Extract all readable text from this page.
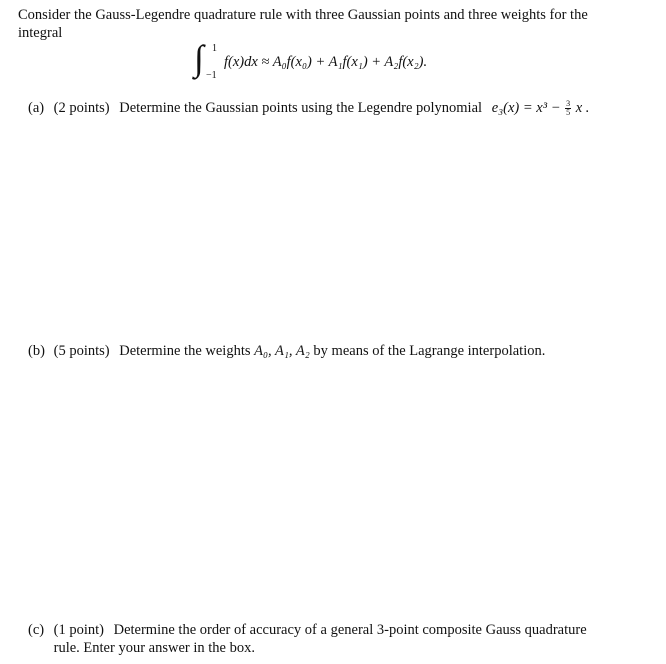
Consider the Gauss-Legendre quadrature rule with three Gaussian points and three weights for the

integral

∫ 1
−1
f(x)dx ≈ A₀f(x₀) + A₁f(x₁) + A₂f(x₂).
(a) (2 points) Determine the Gaussian points using the Legendre polynomial $e_3(x) = x^3 - \frac{3}{5}$ x .
(b) (5 points) Determine the weights A₀, A₁, A₂ by means of the Lagrange interpolation.
(c) (1 point) Determine the order of accuracy of a general 3-point composite Gauss quadrature rule. Enter your answer in the box.
